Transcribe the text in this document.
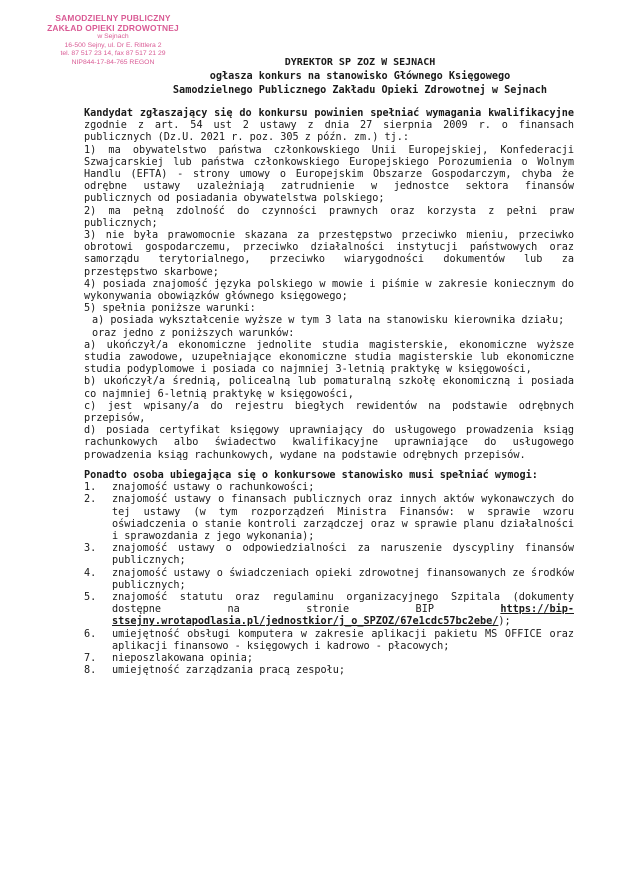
SAMODZIELNY PUBLICZNY
ZAKŁAD OPIEKI ZDROWOTNEJ
w Sejnach
16-500 Sejny, ul. Dr E. Rittlera 2
tel. 87 517 23 14, fax 87 517 21 29
NIP844-17-84-765 REGON	DYREKTOR SP ZOZ W SEJNACH
ogłasza konkurs na stanowisko Głównego Księgowego
Samodzielnego Publicznego Zakładu Opieki Zdrowotnej w Sejnach

Kandydat zgłaszający się do konkursu powinien spełniać wymagania kwalifikacyjne zgodnie z art. 54 ust 2 ustawy z dnia 27 sierpnia 2009 r. o finansach publicznych (Dz.U. 2021 r. poz. 305 z późn. zm.) tj.:

1) ma obywatelstwo państwa członkowskiego Unii Europejskiej, Konfederacji Szwajcarskiej lub państwa członkowskiego Europejskiego Porozumienia o Wolnym Handlu (EFTA) - strony umowy o Europejskim Obszarze Gospodarczym, chyba że odrębne ustawy uzależniają zatrudnienie w jednostce sektora finansów publicznych od posiadania obywatelstwa polskiego;

2) ma pełną zdolność do czynności prawnych oraz korzysta z pełni praw publicznych;

3) nie była prawomocnie skazana za przestępstwo przeciwko mieniu, przeciwko obrotowi gospodarczemu, przeciwko działalności instytucji państwowych oraz samorządu terytorialnego, przeciwko wiarygodności dokumentów lub za przestępstwo skarbowe;

4) posiada znajomość języka polskiego w mowie i piśmie w zakresie koniecznym do wykonywania obowiązków głównego księgowego;

5) spełnia poniższe warunki:

a) posiada wykształcenie wyższe w tym 3 lata na stanowisku kierownika działu;

oraz jedno z poniższych warunków:

a) ukończył/a ekonomiczne jednolite studia magisterskie, ekonomiczne wyższe studia zawodowe, uzupełniające ekonomiczne studia magisterskie lub ekonomiczne studia podyplomowe i posiada co najmniej 3-letnią praktykę w księgowości,

b) ukończył/a średnią, policealną lub pomaturalną szkołę ekonomiczną i posiada co najmniej 6-letnią praktykę w księgowości,

c) jest wpisany/a do rejestru biegłych rewidentów na podstawie odrębnych przepisów,

d) posiada certyfikat księgowy uprawniający do usługowego prowadzenia ksiąg rachunkowych albo świadectwo kwalifikacyjne uprawniające do usługowego prowadzenia ksiąg rachunkowych, wydane na podstawie odrębnych przepisów.

Ponadto osoba ubiegająca się o konkursowe stanowisko musi spełniać wymogi:

1.	znajomość ustawy o rachunkowości;
2.	znajomość ustawy o finansach publicznych oraz innych aktów wykonawczych do tej ustawy (w tym rozporządzeń Ministra Finansów: w sprawie wzoru oświadczenia o stanie kontroli zarządczej oraz w sprawie planu działalności i sprawozdania z jego wykonania);
3.	znajomość ustawy o odpowiedzialności za naruszenie dyscypliny finansów publicznych;
4.	znajomość ustawy o świadczeniach opieki zdrowotnej finansowanych ze środków publicznych;
5.	znajomość statutu oraz regulaminu organizacyjnego Szpitala (dokumenty dostępne na stronie BIP https://bip-stsejny.wrotapodlasia.pl/jednostkior/j_o_SPZOZ/67e1cdc57bc2ebe/);
6.	umiejętność obsługi komputera w zakresie aplikacji pakietu MS OFFICE oraz aplikacji finansowo - księgowych i kadrowo - płacowych;
7.	nieposzlakowana opinia;
8.	umiejętność zarządzania pracą zespołu;
